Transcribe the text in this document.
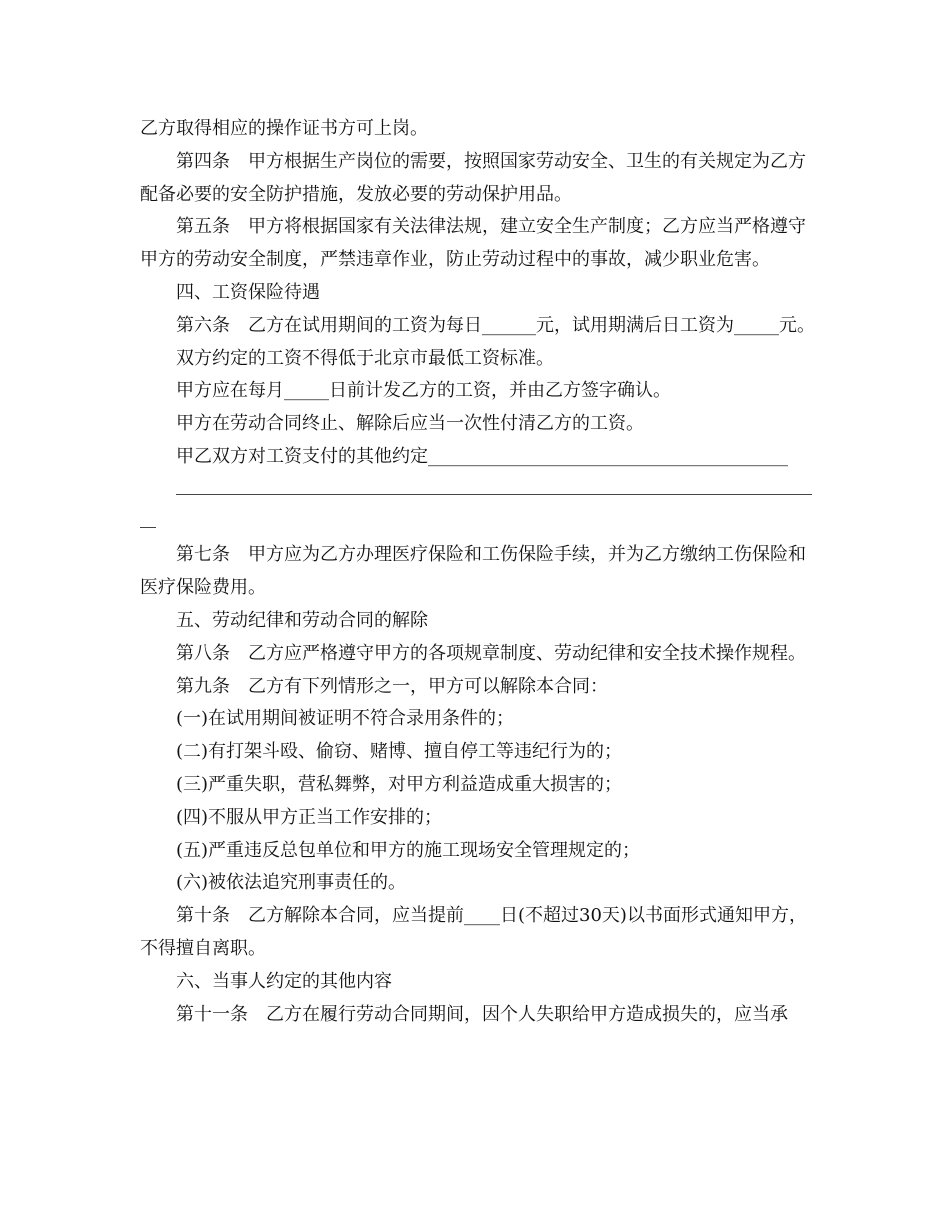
乙方取得相应的操作证书方可上岗。

第四条　甲方根据生产岗位的需要，按照国家劳动安全、卫生的有关规定为乙方配备必要的安全防护措施，发放必要的劳动保护用品。

第五条　甲方将根据国家有关法律法规，建立安全生产制度；乙方应当严格遵守甲方的劳动安全制度，严禁违章作业，防止劳动过程中的事故，减少职业危害。

四、工资保险待遇

第六条　乙方在试用期间的工资为每日______元，试用期满后日工资为_____元。

双方约定的工资不得低于北京市最低工资标准。

甲方应在每月_____日前计发乙方的工资，并由乙方签字确认。

甲方在劳动合同终止、解除后应当一次性付清乙方的工资。

甲乙双方对工资支付的其他约定________________________________________

第七条　甲方应为乙方办理医疗保险和工伤保险手续，并为乙方缴纳工伤保险和医疗保险费用。

五、劳动纪律和劳动合同的解除

第八条　乙方应严格遵守甲方的各项规章制度、劳动纪律和安全技术操作规程。

第九条　乙方有下列情形之一，甲方可以解除本合同：

(一)在试用期间被证明不符合录用条件的；

(二)有打架斗殴、偷窃、赌博、擅自停工等违纪行为的；

(三)严重失职，营私舞弊，对甲方利益造成重大损害的；

(四)不服从甲方正当工作安排的；

(五)严重违反总包单位和甲方的施工现场安全管理规定的；

(六)被依法追究刑事责任的。

第十条　乙方解除本合同，应当提前____日(不超过30天)以书面形式通知甲方，不得擅自离职。

六、当事人约定的其他内容

第十一条　乙方在履行劳动合同期间，因个人失职给甲方造成损失的，应当承
